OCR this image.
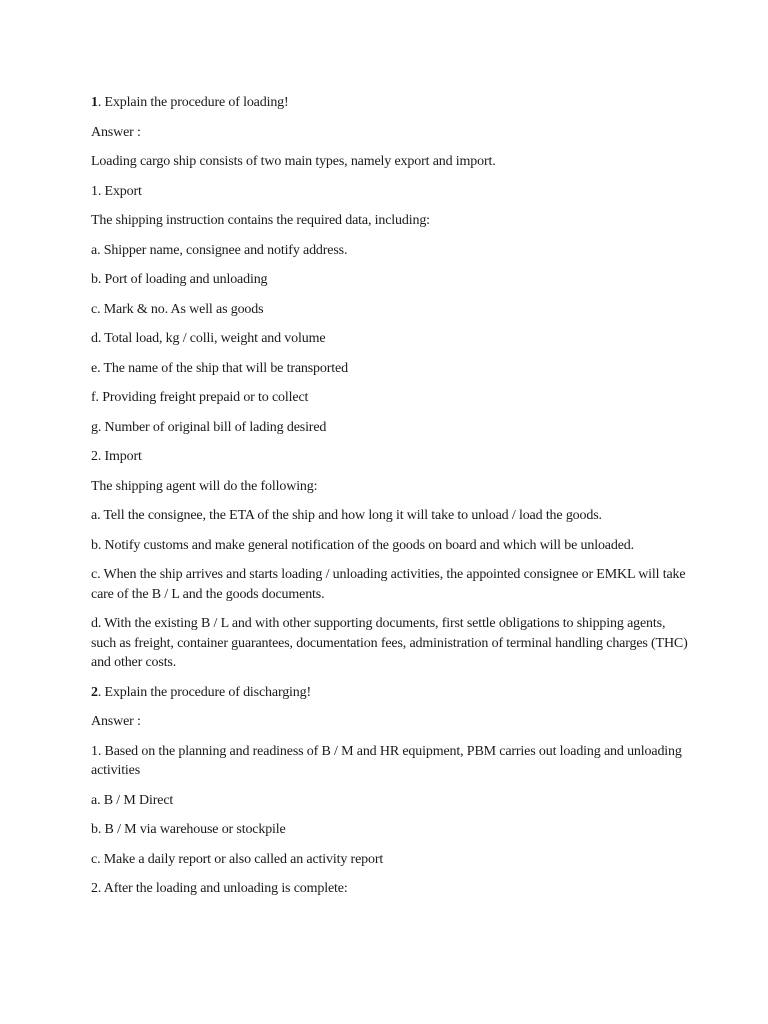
1. Explain the procedure of loading!

Answer :

Loading cargo ship consists of two main types, namely export and import.

1. Export

The shipping instruction contains the required data, including:

a. Shipper name, consignee and notify address.

b. Port of loading and unloading

c. Mark & no. As well as goods

d. Total load, kg / colli, weight and volume

e. The name of the ship that will be transported

f. Providing freight prepaid or to collect

g. Number of original bill of lading desired

2. Import

The shipping agent will do the following:

a. Tell the consignee, the ETA of the ship and how long it will take to unload / load the goods.

b. Notify customs and make general notification of the goods on board and which will be unloaded.

c. When the ship arrives and starts loading / unloading activities, the appointed consignee or EMKL will take care of the B / L and the goods documents.

d. With the existing B / L and with other supporting documents, first settle obligations to shipping agents, such as freight, container guarantees, documentation fees, administration of terminal handling charges (THC) and other costs.

2. Explain the procedure of discharging!

Answer :

1. Based on the planning and readiness of B / M and HR equipment, PBM carries out loading and unloading activities

a. B / M Direct

b. B / M via warehouse or stockpile

c. Make a daily report or also called an activity report

2. After the loading and unloading is complete:
